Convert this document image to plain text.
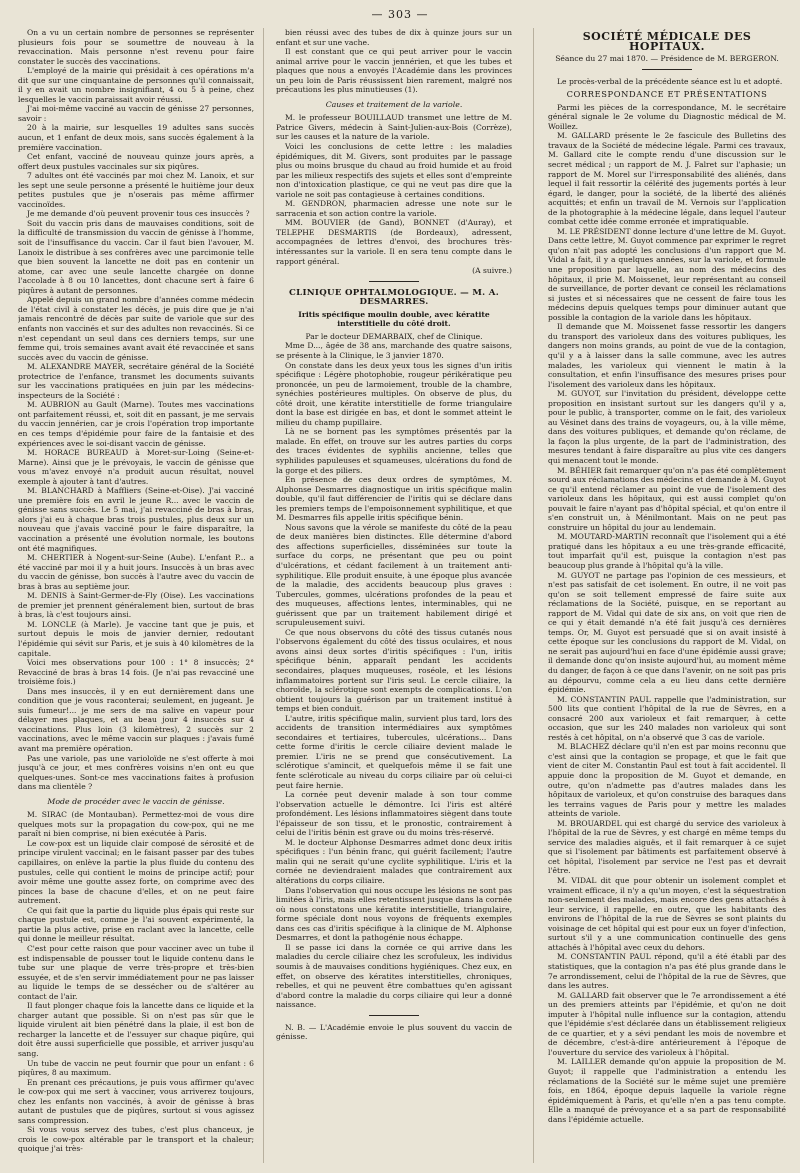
— 303 —

On a vu un certain nombre de personnes se représenter plusieurs fois pour se soumettre de nouveau à la revaccination. Mais personne n'est revenu pour faire constater le succès des vaccinations.

L'employé de la mairie qui présidait à ces opérations m'a dit que sur une cinquantaine de personnes qu'il connaissait, il y en avait un nombre insignifiant, 4 ou 5 à peine, chez lesquelles le vaccin paraissait avoir réussi.

J'ai moi-même vacciné au vaccin de génisse 27 personnes, savoir :

20 à la mairie, sur lesquelles 19 adultes sans succès aucun, et 1 enfant de deux mois, sans succès également à la première vaccination.

Cet enfant, vacciné de nouveau quinze jours après, a offert deux pustules vaccinales sur six piqûres.

7 adultes ont été vaccinés par moi chez M. Lanoix, et sur les sept une seule personne a présenté le huitième jour deux petites pustules que je n'oserais pas même affirmer vaccinoïdes.

Je me demande d'où peuvent provenir tous ces insuccès ?

Soit du vaccin pris dans de mauvaises conditions, soit de la difficulté de transmission du vaccin de génisse à l'homme, soit de l'insuffisance du vaccin. Car il faut bien l'avouer, M. Lanoix le distribue à ses confrères avec une parcimonie telle que bien souvent la lancette ne doit pas en contenir un atome, car avec une seule lancette chargée on donne l'accolade à 8 ou 10 lancettes, dont chacune sert à faire 6 piqûres à autant de personnes.

Appelé depuis un grand nombre d'années comme médecin de l'état civil à constater les décès, je puis dire que je n'ai jamais rencontré de décès par suite de variole que sur des enfants non vaccinés et sur des adultes non revaccinés. Si ce n'est cependant un seul dans ces derniers temps, sur une femme qui, trois semaines avant avait été revaccinée et sans succès avec du vaccin de génisse.

M. ALEXANDRE MAYER, secrétaire général de la Société protectrice de l'enfance, transmet les documents suivants sur les vaccinations pratiquées en juin par les médecins-inspecteurs de la Société :

M. AUBRION au Gault (Marne). Toutes mes vaccinations ont parfaitement réussi, et, soit dit en passant, je me servais du vaccin jennérien, car je crois l'opération trop importante en ces temps d'épidémie pour faire de la fantaisie et des expériences avec le soi-disant vaccin de génisse.

M. HORACE BUREAUD à Moret-sur-Loing (Seine-et-Marne). Ainsi que je le prévoyais, le vaccin de génisse que vous m'avez envoyé n'a produit aucun résultat, nouvel exemple à ajouter à tant d'autres.

M. BLANCHARD à Maffliers (Seine-et-Oise). J'ai vacciné une première fois en avril le jeune R... avec le vaccin de génisse sans succès. Le 5 mai, j'ai revacciné de bras à bras, alors j'ai eu à chaque bras trois pustules, plus deux sur un nouveau que j'avais vacciné pour le faire disparaître, la vaccination a présenté une évolution normale, les boutons ont été magnifiques.

M. CHERTIER à Nogent-sur-Seine (Aube). L'enfant P... a été vacciné par moi il y a huit jours. Insuccès à un bras avec du vaccin de génisse, bon succès à l'autre avec du vaccin de bras à bras au septième jour.

M. DENIS à Saint-Germer-de-Fly (Oise). Les vaccinations de premier jet prennent généralement bien, surtout de bras à bras, là c'est toujours ainsi.

M. LONCLE (à Marle). Je vaccine tant que je puis, et surtout depuis le mois de janvier dernier, redoutant l'épidémie qui sévit sur Paris, et je suis à 40 kilomètres de la capitale.

Voici mes observations pour 100 : 1° 8 insuccès; 2° Revacciné de bras à bras 14 fois. (Je n'ai pas revacciné une troisième fois.)

Dans mes insuccès, il y en eut dernièrement dans une condition que je vous raconterai; seulement, en jugeant. Je suis fumeur!... je me sers de ma salive en vapeur pour délayer mes plaques, et au beau jour 4 insuccès sur 4 vaccinations. Plus loin (3 kilomètres), 2 succès sur 2 vaccinations, avec le même vaccin sur plaques : j'avais fumé avant ma première opération.

Pas une variole, pas une varioloïde ne s'est offerte à moi jusqu'à ce jour, et mes confrères voisins n'en ont eu que quelques-unes. Sont-ce mes vaccinations faites à profusion dans ma clientèle ?

Mode de procéder avec le vaccin de génisse.

M. SIRAC (de Montauban). Permettez-moi de vous dire quelques mots sur la propagation du cow-pox, qui ne me paraît ni bien comprise, ni bien exécutée à Paris.

Le cow-pox est un liquide clair composé de sérosité et de principe virulent vaccinal; en le faisant passer par des tubes capillaires, on enlève la partie la plus fluide du contenu des pustules, celle qui contient le moins de principe actif; pour avoir même une goutte assez forte, on comprime avec des pinces la base de chacune d'elles, et on ne peut faire autrement.

Ce qui fait que la partie du liquide plus épais qui reste sur chaque pustule est, comme je l'ai souvent expérimenté, la partie la plus active, prise en raclant avec la lancette, celle qui donne le meilleur résultat.

C'est pour cette raison que pour vacciner avec un tube il est indispensable de pousser tout le liquide contenu dans le tube sur une plaque de verre très-propre et très-bien essuyée, et de s'en servir immédiatement pour ne pas laisser au liquide le temps de se dessécher ou de s'altérer au contact de l'air.

Il faut plonger chaque fois la lancette dans ce liquide et la charger autant que possible. Si on n'est pas sûr que le liquide virulent ait bien pénétré dans la plaie, il est bon de recharger la lancette et de l'essuyer sur chaque piqûre, qui doit être aussi superficielle que possible, et arriver jusqu'au sang.

Un tube de vaccin ne peut fournir que pour un enfant : 6 piqûres, 8 au maximum.

En prenant ces précautions, je puis vous affirmer qu'avec le cow-pox qui me sert à vacciner, vous arriverez toujours, chez les enfants non vaccinés, à avoir de génisse à bras autant de pustules que de piqûres, surtout si vous agissez sans compression.

Si vous vous servez des tubes, c'est plus chanceux, je crois le cow-pox altérable par le transport et la chaleur; quoique j'ai très-

bien réussi avec des tubes de dix à quinze jours sur un enfant et sur une vache.

Il est constant que ce qui peut arriver pour le vaccin animal arrive pour le vaccin jennérien, et que les tubes et plaques que nous a envoyés l'Académie dans les provinces un peu loin de Paris réussissent bien rarement, malgré nos précautions les plus minutieuses (1).

Causes et traitement de la variole.

M. le professeur BOUILLAUD transmet une lettre de M. Patrice Givers, médecin à Saint-Julien-aux-Bois (Corrèze), sur les causes et la nature de la variole.

Voici les conclusions de cette lettre : les maladies épidémiques, dit M. Givers, sont produites par le passage plus ou moins brusque du chaud au froid humide et au froid par les milieux respectifs des sujets et elles sont d'empreinte non d'intoxication plastique, ce qui ne veut pas dire que la variole ne soit pas contagieuse à certaines conditions.

M. GENDRON, pharmacien adresse une note sur le sarracenia et son action contre la variole.

MM. BOUVIER (de Gand), BONNET (d'Auray), et TELEPHE DESMARTIS (de Bordeaux), adressent, accompagnées de lettres d'envoi, des brochures très-intéressantes sur la variole. Il en sera tenu compte dans le rapport général.

(A suivre.)

CLINIQUE OPHTALMOLOGIQUE. — M. A. DESMARRES.
Iritis spécifique moulin double, avec kératite interstitielle du côté droit.

Par le docteur DEMARBAIX, chef de Clinique.

Mme D..., âgée de 38 ans, marchande des quatre saisons, se présente à la Clinique, le 3 janvier 1870.

On constate dans les deux yeux tous les signes d'un iritis spécifique : Légère photophobie, rougeur périkératique peu prononcée, un peu de larmoiement, trouble de la chambre, synéchies postérieures multiples. On observe de plus, du côté droit, une kératite interstitielle de forme triangulaire dont la base est dirigée en bas, et dont le sommet atteint le milieu du champ pupillaire.

Là ne se bornent pas les symptômes présentés par la malade. En effet, on trouve sur les autres parties du corps des traces évidentes de syphilis ancienne, telles que syphilides papuleuses et squameuses, ulcérations du fond de la gorge et des piliers.

En présence de ces deux ordres de symptômes, M. Alphonse Desmarres diagnostique un iritis spécifique malin double, qu'il faut différencier de l'iritis qui se déclare dans les premiers temps de l'empoisonnement syphilitique, et que M. Desmarres fils appelle iritis spécifique bénin.

Nous savons que la vérole se manifeste du côté de la peau de deux manières bien distinctes. Elle détermine d'abord des affections superficielles, disséminées sur toute la surface du corps, ne présentant que peu ou point d'ulcérations, et cédant facilement à un traitement anti-syphilitique. Elle produit ensuite, à une époque plus avancée de la maladie, des accidents beaucoup plus graves : Tubercules, gommes, ulcérations profondes de la peau et des muqueuses, affections lentes, interminables, qui ne guérissent que par un traitement habilement dirigé et scrupuleusement suivi.

Ce que nous observons du côté des tissus cutanés nous l'observons également du côté des tissus oculaires, et nous avons ainsi deux sortes d'iritis spécifiques : l'un, iritis spécifique bénin, apparaît pendant les accidents secondaires, plaques muqueuses, roséole, et les lésions inflammatoires portent sur l'iris seul. Le cercle ciliaire, la choroïde, la sclérotique sont exempts de complications. L'on obtient toujours la guérison par un traitement institué à temps et bien conduit.

L'autre, iritis spécifique malin, survient plus tard, lors des accidents de transition intermédiaires aux symptômes secondaires et tertiaires, tubercules, ulcérations... Dans cette forme d'iritis le cercle ciliaire devient malade le premier. L'iris ne se prend que consécutivement. La sclérotique s'amincit, et quelquefois même il se fait une fente scléroticale au niveau du corps ciliaire par où celui-ci peut faire hernie.

La cornée peut devenir malade à son tour comme l'observation actuelle le démontre. Ici l'iris est altéré profondément. Les lésions inflammatoires siègent dans toute l'épaisseur de son tissu, et le pronostic, contrairement à celui de l'iritis bénin est grave ou du moins très-réservé.

M. le docteur Alphonse Desmarres admet donc deux iritis spécifiques : l'un bénin franc, qui guérit facilement; l'autre malin qui ne serait qu'une cyclite syphilitique. L'iris et la cornée ne deviendraient malades que contrairement aux altérations du corps ciliaire.

Dans l'observation qui nous occupe les lésions ne sont pas limitées à l'iris, mais elles retentissent jusque dans la cornée où nous constatons une kératite interstitielle, triangulaire, forme spéciale dont nous voyons de fréquents exemples dans ces cas d'iritis spécifique à la clinique de M. Alphonse Desmarres, et dont la pathogénie nous échappe.

Il se passe ici dans la cornée ce qui arrive dans les maladies du cercle ciliaire chez les scrofuleux, les individus soumis à de mauvaises conditions hygiéniques. Chez eux, en effet, on observe des kératites interstitielles, chroniques, rebelles, et qui ne peuvent être combattues qu'en agissant d'abord contre la maladie du corps ciliaire qui leur a donné naissance.

N. B. — L'Académie envoie le plus souvent du vaccin de génisse.

SOCIÉTÉ MÉDICALE DES HOPITAUX.

Séance du 27 mai 1870. — Présidence de M. BERGERON.

Le procès-verbal de la précédente séance est lu et adopté.

CORRESPONDANCE ET PRÉSENTATIONS

Parmi les pièces de la correspondance, M. le secrétaire général signale le 2e volume du Diagnostic médical de M. Woillez.

M. GALLARD présente le 2e fascicule des Bulletins des travaux de la Société de médecine légale. Parmi ces travaux, M. Gallard cite le compte rendu d'une discussion sur le secret médical ; un rapport de M. J. Falret sur l'aphasie; un rapport de M. Morel sur l'irresponsabilité des aliénés, dans lequel il fait ressortir la célérité des jugements portés à leur égard, le danger, pour la société, de la liberté des aliénés acquittés; et enfin un travail de M. Vernois sur l'application de la photographie à la médecine légale, dans lequel l'auteur combat cette idée comme erronée et impratiquable.

M. LE PRÉSIDENT donne lecture d'une lettre de M. Guyot. Dans cette lettre, M. Guyot commence par exprimer le regret qu'on n'ait pas adopté les conclusions d'un rapport que M. Vidal a fait, il y a quelques années, sur la variole, et formule une proposition par laquelle, au nom des médecins des hôpitaux, il prie M. Moissenet, leur représentant au conseil de surveillance, de porter devant ce conseil les réclamations si justes et si nécessaires que ne cessent de faire tous les médecins depuis quelques temps pour diminuer autant que possible la contagion de la variole dans les hôpitaux.

Il demande que M. Moissenet fasse ressortir les dangers du transport des varioleux dans des voitures publiques, les dangers non moins grands, au point de vue de la contagion, qu'il y a à laisser dans la salle commune, avec les autres malades, les varioleux qui viennent le matin à la consultation, et enfin l'insuffisance des mesures prises pour l'isolement des varioleux dans les hôpitaux.

M. GUYOT, sur l'invitation du président, développe cette proposition en insistant surtout sur les dangers qu'il y a, pour le public, à transporter, comme on le fait, des varioleux au Vésinet dans des trains de voyageurs, ou, à la ville même, dans des voitures publiques, et demande qu'on réclame, de la façon la plus urgente, de la part de l'administration, des mesures tendant à faire disparaître au plus vite ces dangers qui menacent tout le monde.

M. BÉHIER fait remarquer qu'on n'a pas été complètement sourd aux réclamations des médecins et demande à M. Guyot ce qu'il entend réclamer au point de vue de l'isolement des varioleux dans les hôpitaux, qui est aussi complet qu'on pouvait le faire n'ayant pas d'hôpital spécial, et qu'on entre il s'en construit un, à Ménilmontant. Mais on ne peut pas construire un hôpital du jour au lendemain.

M. MOUTARD-MARTIN reconnaît que l'isolement qui a été pratiqué dans les hôpitaux a eu une très-grande efficacité, tout imparfait qu'il est, puisque la contagion n'est pas beaucoup plus grande à l'hôpital qu'à la ville.

M. GUYOT ne partage pas l'opinion de ces messieurs, et n'est pas satisfait de cet isolement. En outre, il ne voit pas qu'on se soit tellement empressé de faire suite aux réclamations de la Société, puisque, en se reportant au rapport de M. Vidal qui date de six ans, on voit que rien de ce qui y était demandé n'a été fait jusqu'à ces dernières temps. Or, M. Guyot est persuadé que si on avait insisté à cette époque sur les conclusions du rapport de M. Vidal, on ne serait pas aujourd'hui en face d'une épidémie aussi grave; il demande donc qu'on insiste aujourd'hui, au moment même du danger, de façon à ce que dans l'avenir, on ne soit pas pris au dépourvu, comme cela a eu lieu dans cette dernière épidémie.

M. CONSTANTIN PAUL rappelle que l'administration, sur 500 lits que contient l'hôpital de la rue de Sèvres, en a consacré 200 aux varioleux et fait remarquer, à cette occasion, que sur les 240 malades non varioleux qui sont restés à cet hôpital, on n'a observé que 3 cas de variole.

M. BLACHEZ déclare qu'il n'en est par moins reconnu que c'est ainsi que la contagion se propage, et que le fait que vient de citer M. Constantin Paul est tout à fait accidentel. Il appuie donc la proposition de M. Guyot et demande, en outre, qu'on n'admette pas d'autres malades dans les hôpitaux de varioleux, et qu'on construise des baraques dans les terrains vagues de Paris pour y mettre les malades atteints de variole.

M. BROUARDEL qui est chargé du service des varioleux à l'hôpital de la rue de Sèvres, y est chargé en même temps du service des maladies aiguës, et il fait remarquer à ce sujet que si l'isolement par bâtiments est parfaitement observé à cet hôpital, l'isolement par service ne l'est pas et devrait l'être.

M. VIDAL dit que pour obtenir un isolement complet et vraiment efficace, il n'y a qu'un moyen, c'est la séquestration non-seulement des malades, mais encore des gens attachés à leur service, il rappelle, en outre, que les habitants des environs de l'hôpital de la rue de Sèvres se sont plaints du voisinage de cet hôpital qui est pour eux un foyer d'infection, surtout s'il y a une communication continuelle des gens attachés à l'hôpital avec ceux du dehors.

M. CONSTANTIN PAUL répond, qu'il a été établi par des statistiques, que la contagion n'a pas été plus grande dans le 7e arrondissement, celui de l'hôpital de la rue de Sèvres, que dans les autres.

M. GALLARD fait observer que le 7e arrondissement a été un des premiers atteints par l'épidémie, et qu'on ne doit imputer à l'hôpital nulle influence sur la contagion, attendu que l'épidémie s'est déclarée dans un établissement religieux de ce quartier, et y a sévi pendant les mois de novembre et de décembre, c'est-à-dire antérieurement à l'époque de l'ouverture du service des varioleux à l'hôpital.

M. LAILLER demande qu'on appuie la proposition de M. Guyot; il rappelle que l'administration a entendu les réclamations de la Société sur le même sujet une première fois, en 1864, époque depuis laquelle la variole règne épidémiquement à Paris, et qu'elle n'en a pas tenu compte. Elle a manqué de prévoyance et a sa part de responsabilité dans l'épidémie actuelle.
